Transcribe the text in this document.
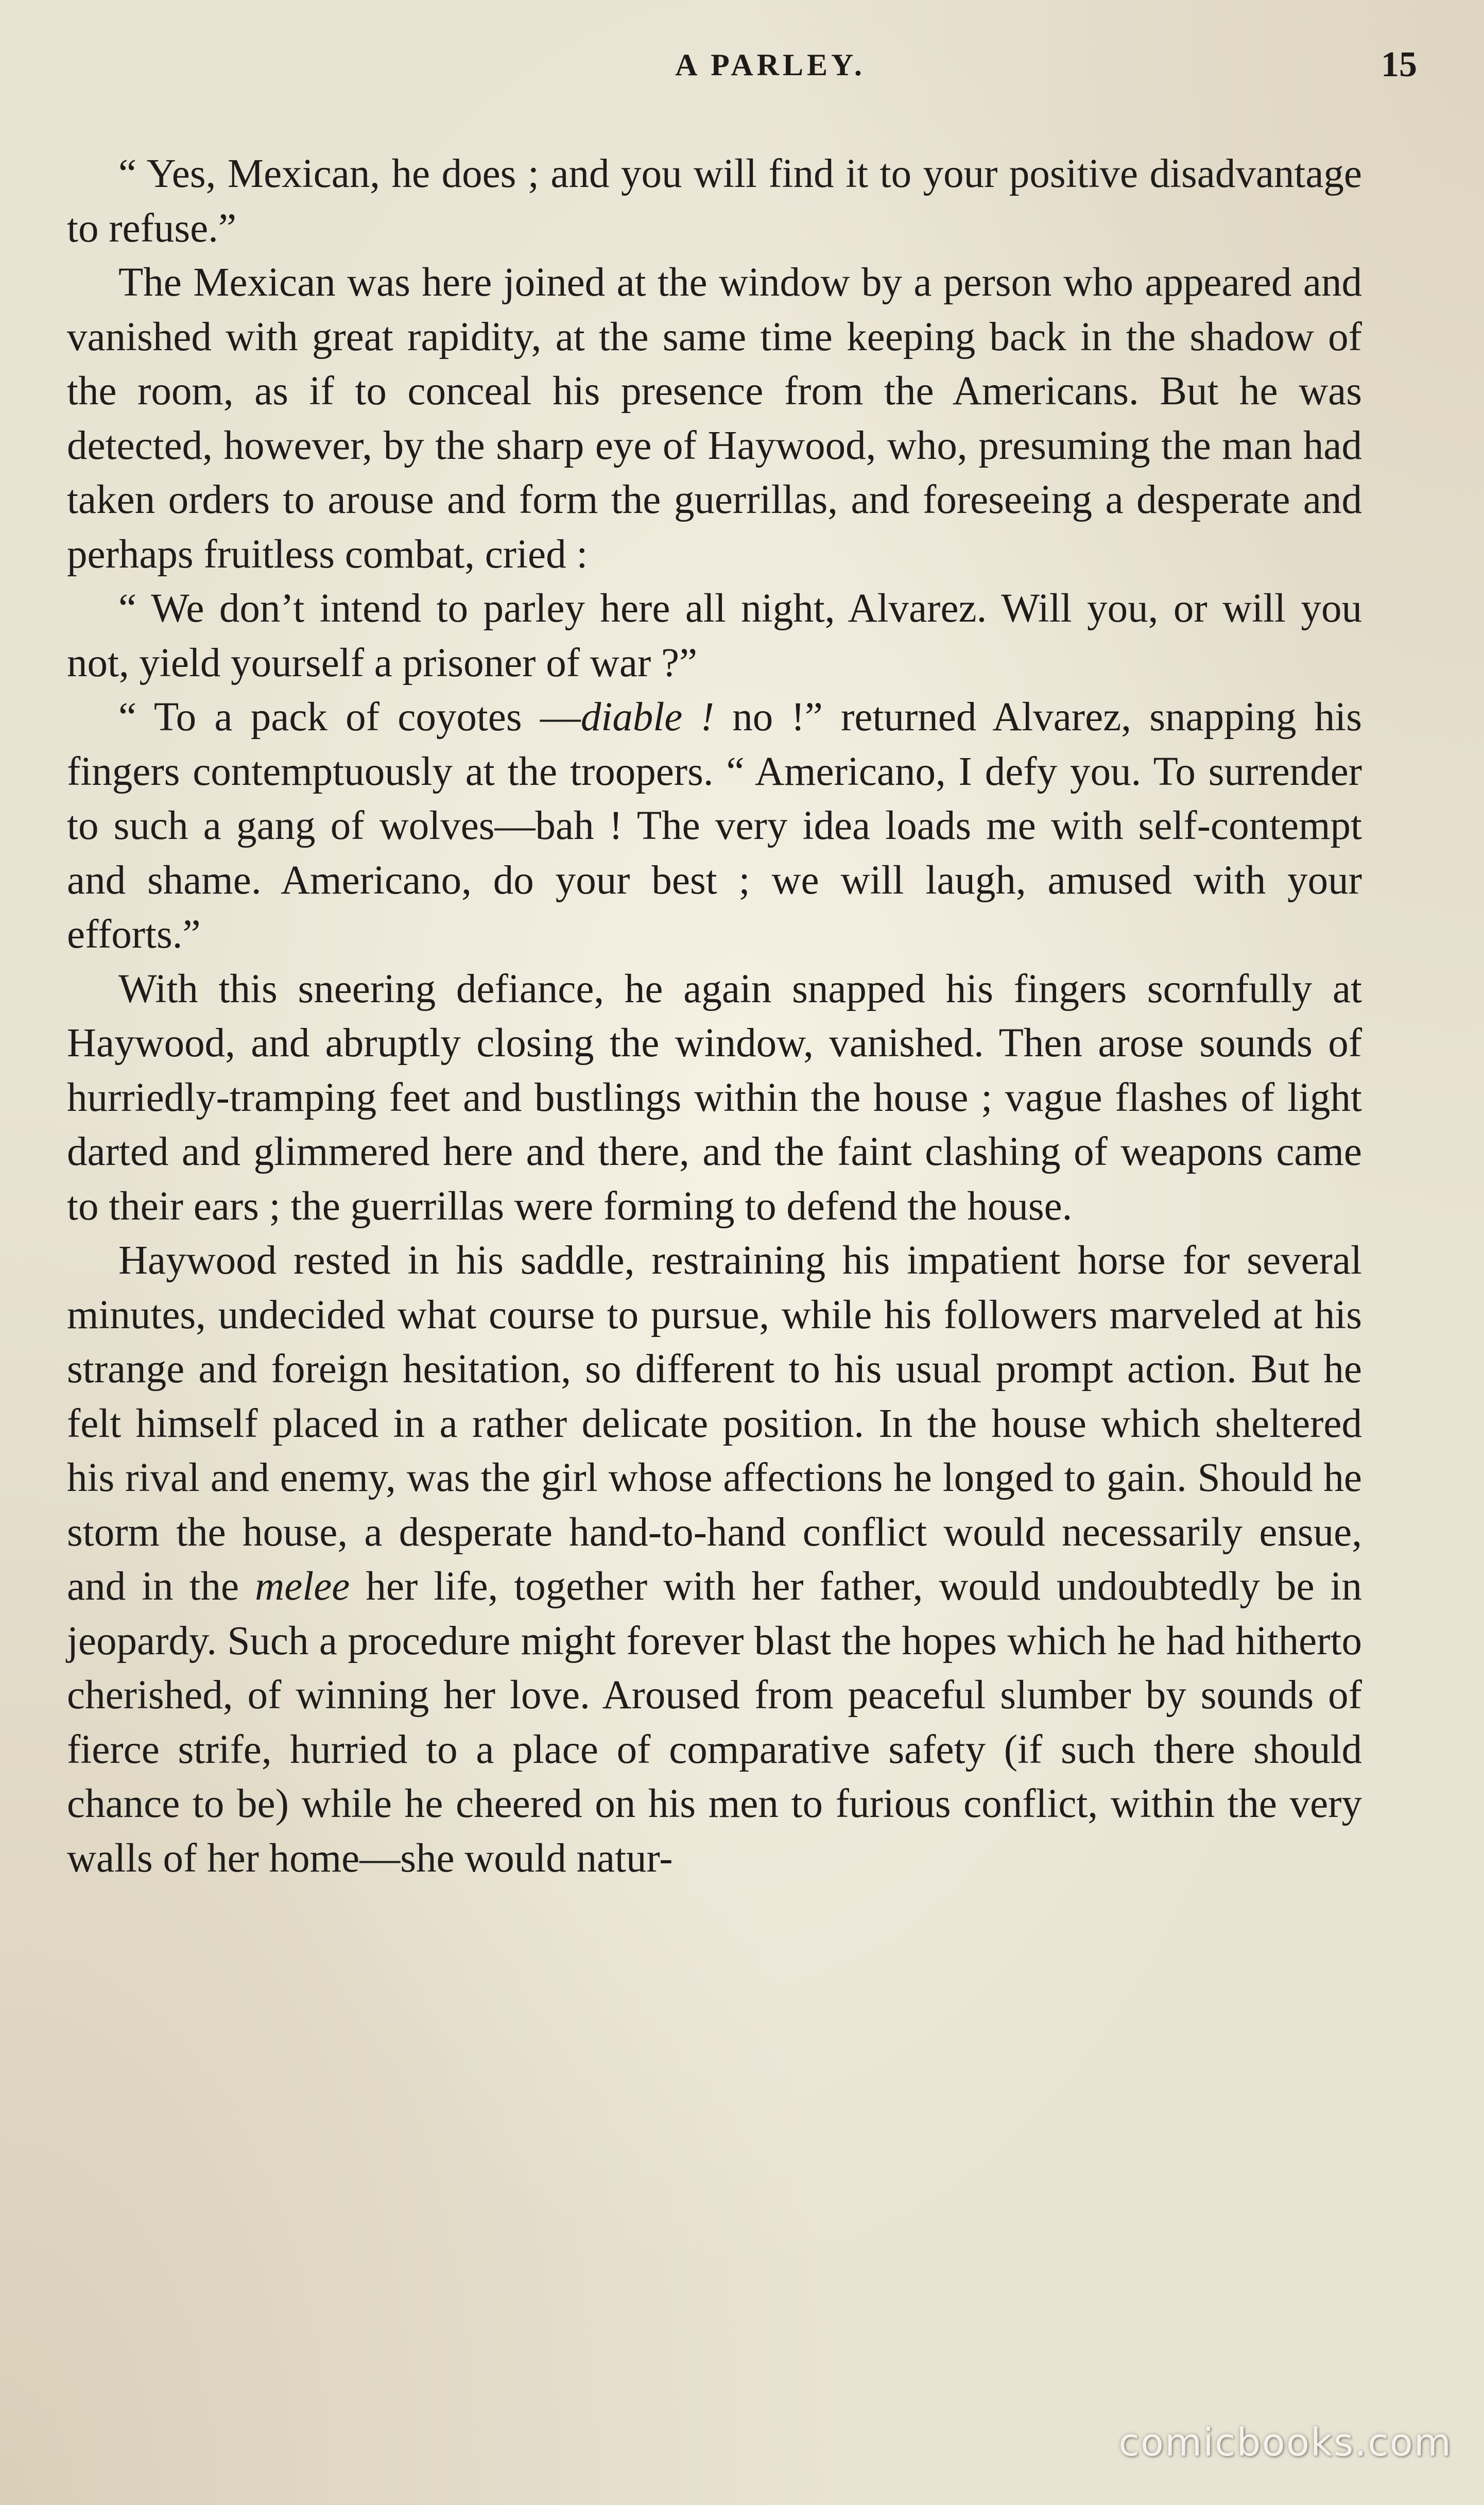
A PARLEY.	15

“ Yes, Mexican, he does ; and you will find it to your positive disadvantage to refuse.”

The Mexican was here joined at the window by a person who appeared and vanished with great rapidity, at the same time keeping back in the shadow of the room, as if to conceal his presence from the Americans. But he was detected, however, by the sharp eye of Haywood, who, presuming the man had taken orders to arouse and form the guerrillas, and foreseeing a desperate and perhaps fruitless combat, cried :

“ We don’t intend to parley here all night, Alvarez. Will you, or will you not, yield yourself a prisoner of war ?”

“ To a pack of coyotes —diable ! no !” returned Alvarez, snapping his fingers contemptuously at the troopers. “ Americano, I defy you. To surrender to such a gang of wolves—bah ! The very idea loads me with self-contempt and shame. Americano, do your best ; we will laugh, amused with your efforts.”

With this sneering defiance, he again snapped his fingers scornfully at Haywood, and abruptly closing the window, vanished. Then arose sounds of hurriedly-tramping feet and bustlings within the house ; vague flashes of light darted and glimmered here and there, and the faint clashing of weapons came to their ears ; the guerrillas were forming to defend the house.

Haywood rested in his saddle, restraining his impatient horse for several minutes, undecided what course to pursue, while his followers marveled at his strange and foreign hesitation, so different to his usual prompt action. But he felt himself placed in a rather delicate position. In the house which sheltered his rival and enemy, was the girl whose affections he longed to gain. Should he storm the house, a desperate hand-to-hand conflict would necessarily ensue, and in the melee her life, together with her father, would undoubtedly be in jeopardy. Such a procedure might forever blast the hopes which he had hitherto cherished, of winning her love. Aroused from peaceful slumber by sounds of fierce strife, hurried to a place of comparative safety (if such there should chance to be) while he cheered on his men to furious conflict, within the very walls of her home—she would natur-

comicbooks.com
